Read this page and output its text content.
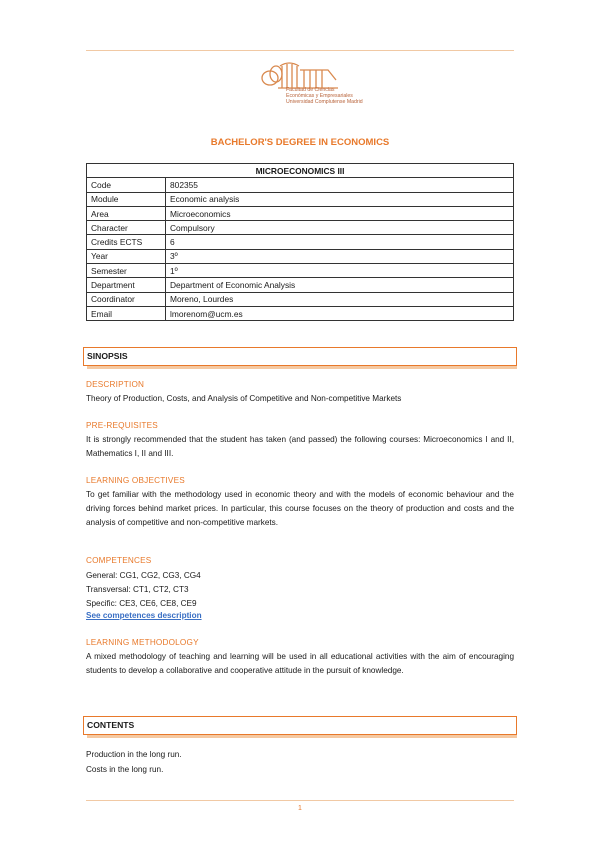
Facultad de Ciencias
Económicas y Empresariales
Universidad Complutense Madrid
BACHELOR'S DEGREE IN ECONOMICS
MICROECONOMICS III	
Code	802355
Module	Economic analysis
Area	Microeconomics
Character	Compulsory
Credits ECTS	6
Year	3º
Semester	1º
Department	Department of Economic Analysis
Coordinator	Moreno, Lourdes
Email	lmorenom@ucm.es
SINOPSIS
DESCRIPTION
Theory of Production, Costs, and Analysis of Competitive and Non-competitive Markets
PRE-REQUISITES
It is strongly recommended that the student has taken (and passed) the following courses: Microeconomics I and II, Mathematics I, II and III.
LEARNING OBJECTIVES
To get familiar with the methodology used in economic theory and with the models of economic behaviour and the driving forces behind market prices. In particular, this course focuses on the theory of production and costs and the analysis of competitive and non-competitive markets.
COMPETENCES
General: CG1, CG2, CG3, CG4
Transversal: CT1, CT2, CT3
Specific: CE3, CE6, CE8, CE9
See competences description
LEARNING METHODOLOGY
A mixed methodology of teaching and learning will be used in all educational activities with the aim of encouraging students to develop a collaborative and cooperative attitude in the pursuit of knowledge.
CONTENTS
Production in the long run.
Costs in the long run.
1
